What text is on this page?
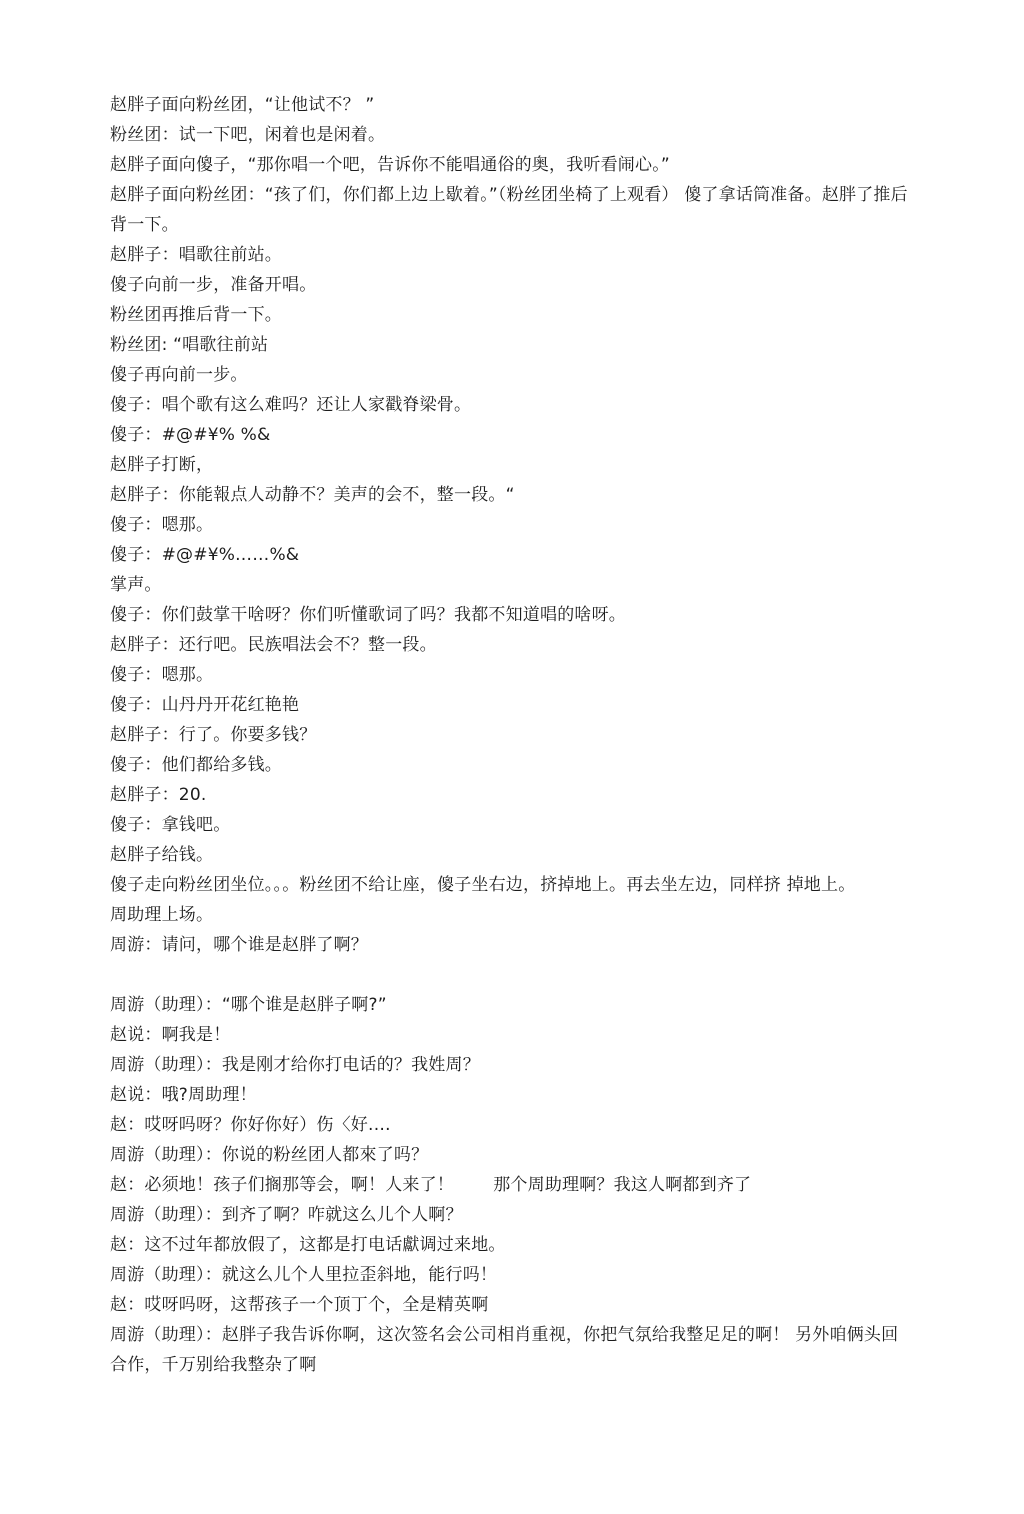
赵胖子面向粉丝团，“让他试不？ ”

粉丝团：试一下吧，闲着也是闲着。

赵胖子面向傻子，“那你唱一个吧，告诉你不能唱通俗的奥，我听看闹心。”

赵胖子面向粉丝团：“孩了们，你们都上边上歇着。”（粉丝团坐椅了上观看） 傻了拿话筒准备。赵胖了推后背一下。

赵胖子：唱歌往前站。

傻子向前一步，准备开唱。

粉丝团再推后背一下。

粉丝团: “唱歌往前站

傻子再向前一步。

傻子：唱个歌有这么难吗？还让人家戳脊梁骨。

傻子：#@#¥% %&

赵胖子打断，

赵胖子：你能報点人动静不？美声的会不，整一段。“

傻子：嗯那。

傻子：#@#¥%……%&

掌声。

傻子：你们鼓掌干啥呀？你们听懂歌词了吗？我都不知道唱的啥呀。

赵胖子：还行吧。民族唱法会不？整一段。

傻子：嗯那。

傻子：山丹丹开花红艳艳

赵胖子：行了。你要多钱？

傻子：他们都给多钱。

赵胖子：20.

傻子：拿钱吧。

赵胖子给钱。

傻子走向粉丝团坐位。。。粉丝团不给让座，傻子坐右边，挤掉地上。再去坐左边，同样挤 掉地上。

周助理上场。

周游：请问，哪个谁是赵胖了啊？

周游（助理）：“哪个谁是赵胖子啊?”

赵说：啊我是！

周游（助理）：我是刚才给你打电话的？我姓周？

赵说：哦?周助理！

赵：哎呀吗呀？你好你好）伤〈好.…

周游（助理）：你说的粉丝团人都來了吗？

赵：必须地！孩子们搁那等会，啊！人来了！       那个周助理啊？我这人啊都到齐了

周游（助理）：到齐了啊？咋就这么儿个人啊？

赵：这不过年都放假了，这都是打电话獻调过来地。

周游（助理）：就这么儿个人里拉歪斜地，能行吗！

赵：哎呀吗呀，这帮孩子一个顶丁个，全是精英啊

周游（助理）：赵胖子我告诉你啊，这次签名会公司相肖重视，你把气氛给我整足足的啊！ 另外咱俩头回合作，千万别给我整杂了啊
